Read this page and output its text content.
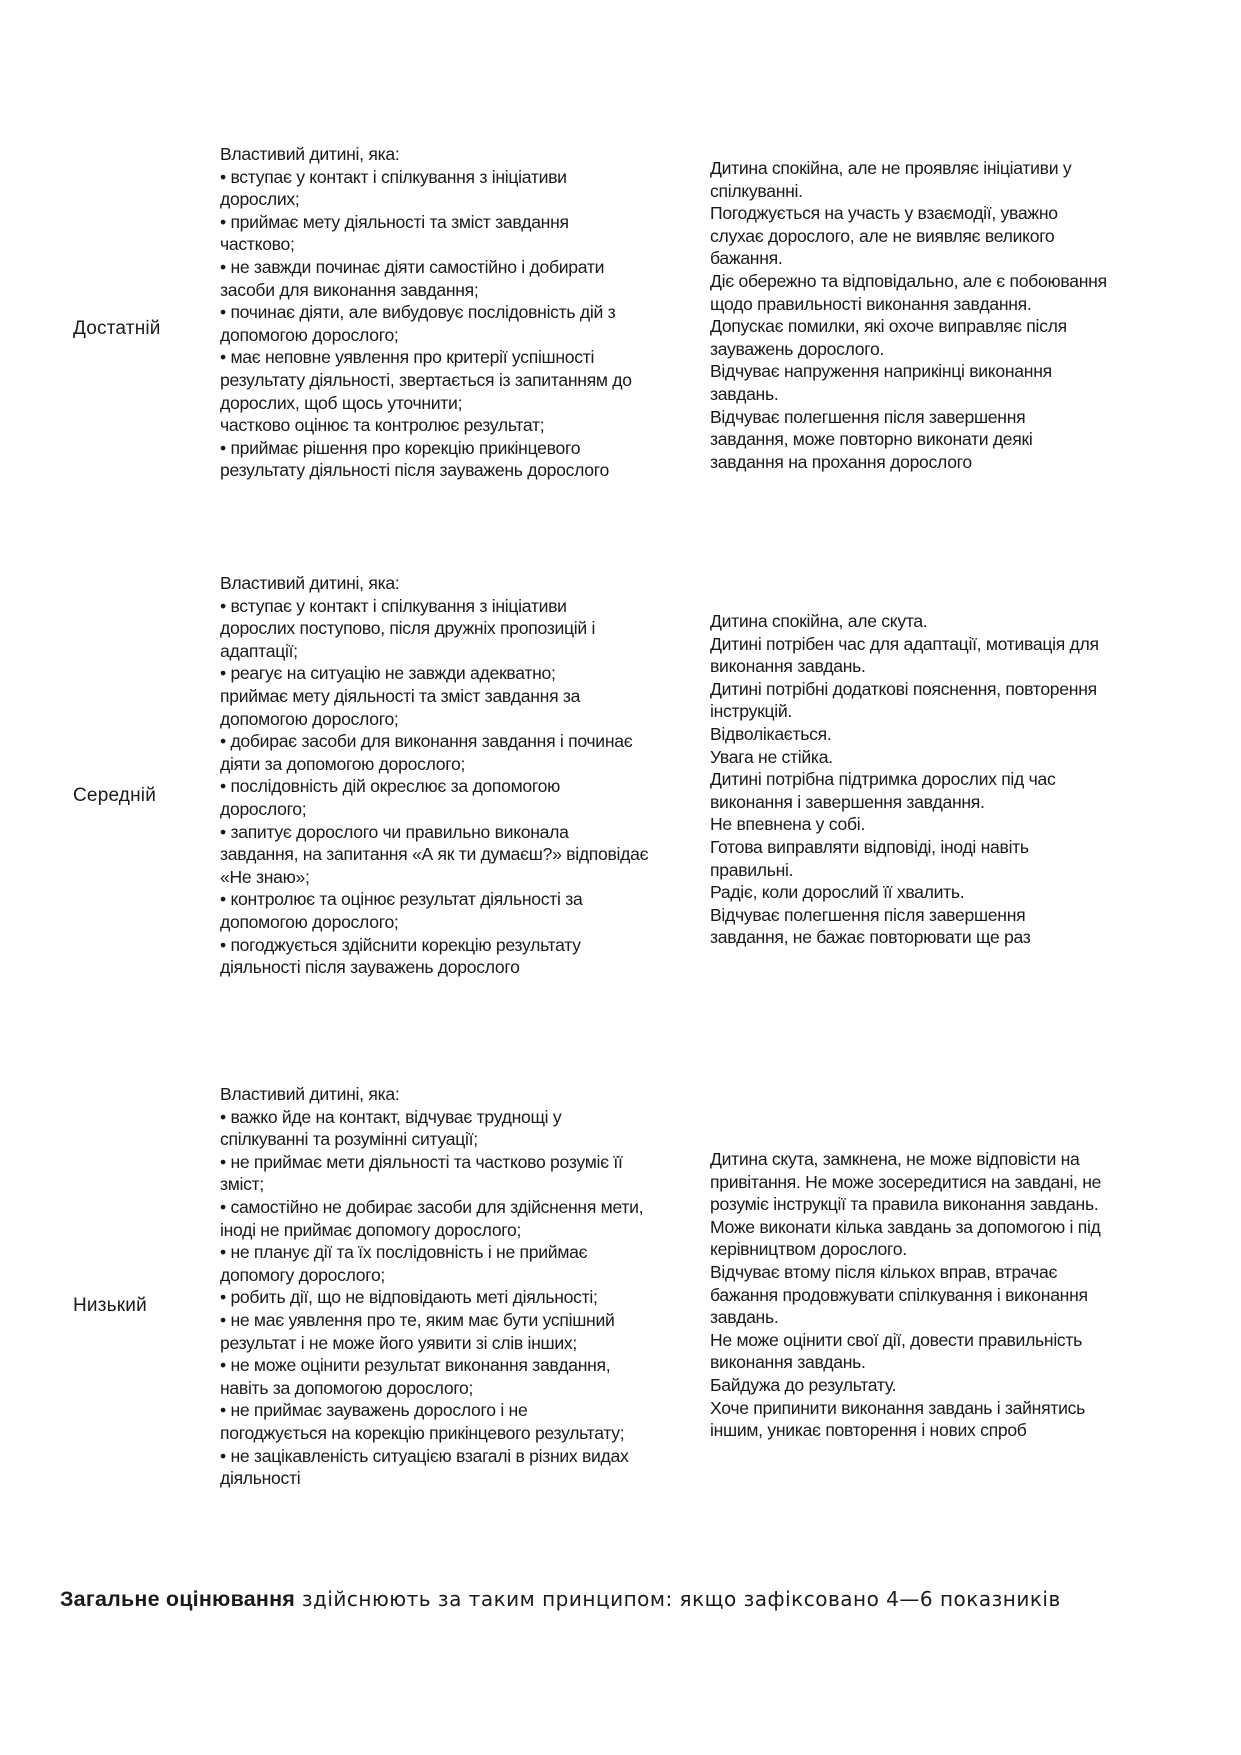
Достатній
Властивий дитині, яка:
• вступає у контакт і спілкування з ініціативи
дорослих;
• приймає мету діяльності та зміст завдання
частково;
• не завжди починає діяти самостійно і добирати
засоби для виконання завдання;
• починає діяти, але вибудовує послідовність дій з
допомогою дорослого;
• має неповне уявлення про критерії успішності
результату діяльності, звертається із запитанням до
дорослих, щоб щось уточнити;
частково оцінює та контролює результат;
• приймає рішення про корекцію прикінцевого
результату діяльності після зауважень дорослого
Дитина спокійна, але не проявляє ініціативи у
спілкуванні.
Погоджується на участь у взаємодії, уважно
слухає дорослого, але не виявляє великого
бажання.
Діє обережно та відповідально, але є побоювання
щодо правильності виконання завдання.
Допускає помилки, які охоче виправляє після
зауважень дорослого.
Відчуває напруження наприкінці виконання
завдань.
Відчуває полегшення після завершення
завдання, може повторно виконати деякі
завдання на прохання дорослого
Середній
Властивий дитині, яка:
• вступає у контакт і спілкування з ініціативи
дорослих поступово, після дружніх пропозицій і
адаптації;
• реагує на ситуацію не завжди адекватно;
приймає мету діяльності та зміст завдання за
допомогою дорослого;
• добирає засоби для виконання завдання і починає
діяти за допомогою дорослого;
• послідовність дій окреслює за допомогою
дорослого;
• запитує дорослого чи правильно виконала
завдання, на запитання «А як ти думаєш?» відповідає
«Не знаю»;
• контролює та оцінює результат діяльності за
допомогою дорослого;
• погоджується здійснити корекцію результату
діяльності після зауважень дорослого
Дитина спокійна, але скута.
Дитині потрібен час для адаптації, мотивація для
виконання завдань.
Дитині потрібні додаткові пояснення, повторення
інструкцій.
Відволікається.
Увага не стійка.
Дитині потрібна підтримка дорослих під час
виконання і завершення завдання.
Не впевнена у собі.
Готова виправляти відповіді, іноді навіть
правильні.
Радіє, коли дорослий її хвалить.
Відчуває полегшення після завершення
завдання, не бажає повторювати ще раз
Низький
Властивий дитині, яка:
• важко йде на контакт, відчуває труднощі у
спілкуванні та розумінні ситуації;
• не приймає мети діяльності та частково розуміє її
зміст;
• самостійно не добирає засоби для здійснення мети,
іноді не приймає допомогу дорослого;
• не планує дії та їх послідовність і не приймає
допомогу дорослого;
• робить дії, що не відповідають меті діяльності;
• не має уявлення про те, яким має бути успішний
результат і не може його уявити зі слів інших;
• не може оцінити результат виконання завдання,
навіть за допомогою дорослого;
• не приймає зауважень дорослого і не
погоджується на корекцію прикінцевого результату;
• не зацікавленість ситуацією взагалі в різних видах
діяльності
Дитина скута, замкнена, не може відповісти на
привітання. Не може зосередитися на завдані, не
розуміє інструкції та правила виконання завдань.
Може виконати кілька завдань за допомогою і під
керівництвом дорослого.
Відчуває втому після кількох вправ, втрачає
бажання продовжувати спілкування і виконання
завдань.
Не може оцінити свої дії, довести правильність
виконання завдань.
Байдужа до результату.
Хоче припинити виконання завдань і зайнятись
іншим, уникає повторення і нових спроб
Загальне оцінювання здійснюють за таким принципом: якщо зафіксовано 4—6 показників
